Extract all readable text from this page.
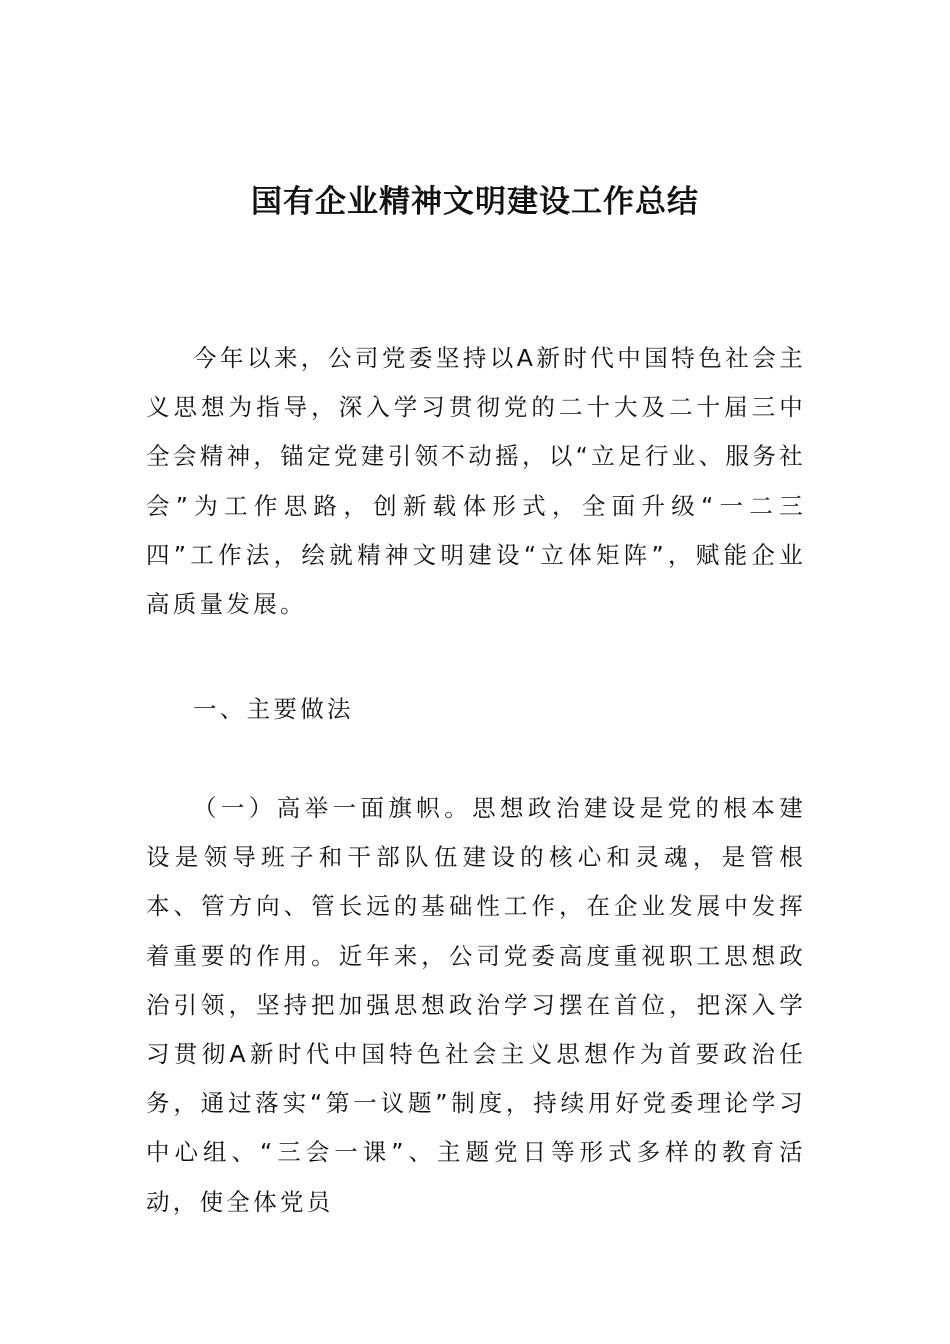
国有企业精神文明建设工作总结

今年以来，公司党委坚持以A新时代中国特色社会主义思想为指导，深入学习贯彻党的二十大及二十届三中全会精神，锚定党建引领不动摇，以“立足行业、服务社会”为工作思路，创新载体形式，全面升级“一二三四”工作法，绘就精神文明建设“立体矩阵”，赋能企业高质量发展。

一、主要做法

（一）高举一面旗帜。思想政治建设是党的根本建设是领导班子和干部队伍建设的核心和灵魂，是管根本、管方向、管长远的基础性工作，在企业发展中发挥着重要的作用。近年来，公司党委高度重视职工思想政治引领，坚持把加强思想政治学习摆在首位，把深入学习贯彻A新时代中国特色社会主义思想作为首要政治任务，通过落实“第一议题”制度，持续用好党委理论学习中心组、“三会一课”、主题党日等形式多样的教育活动，使全体党员
